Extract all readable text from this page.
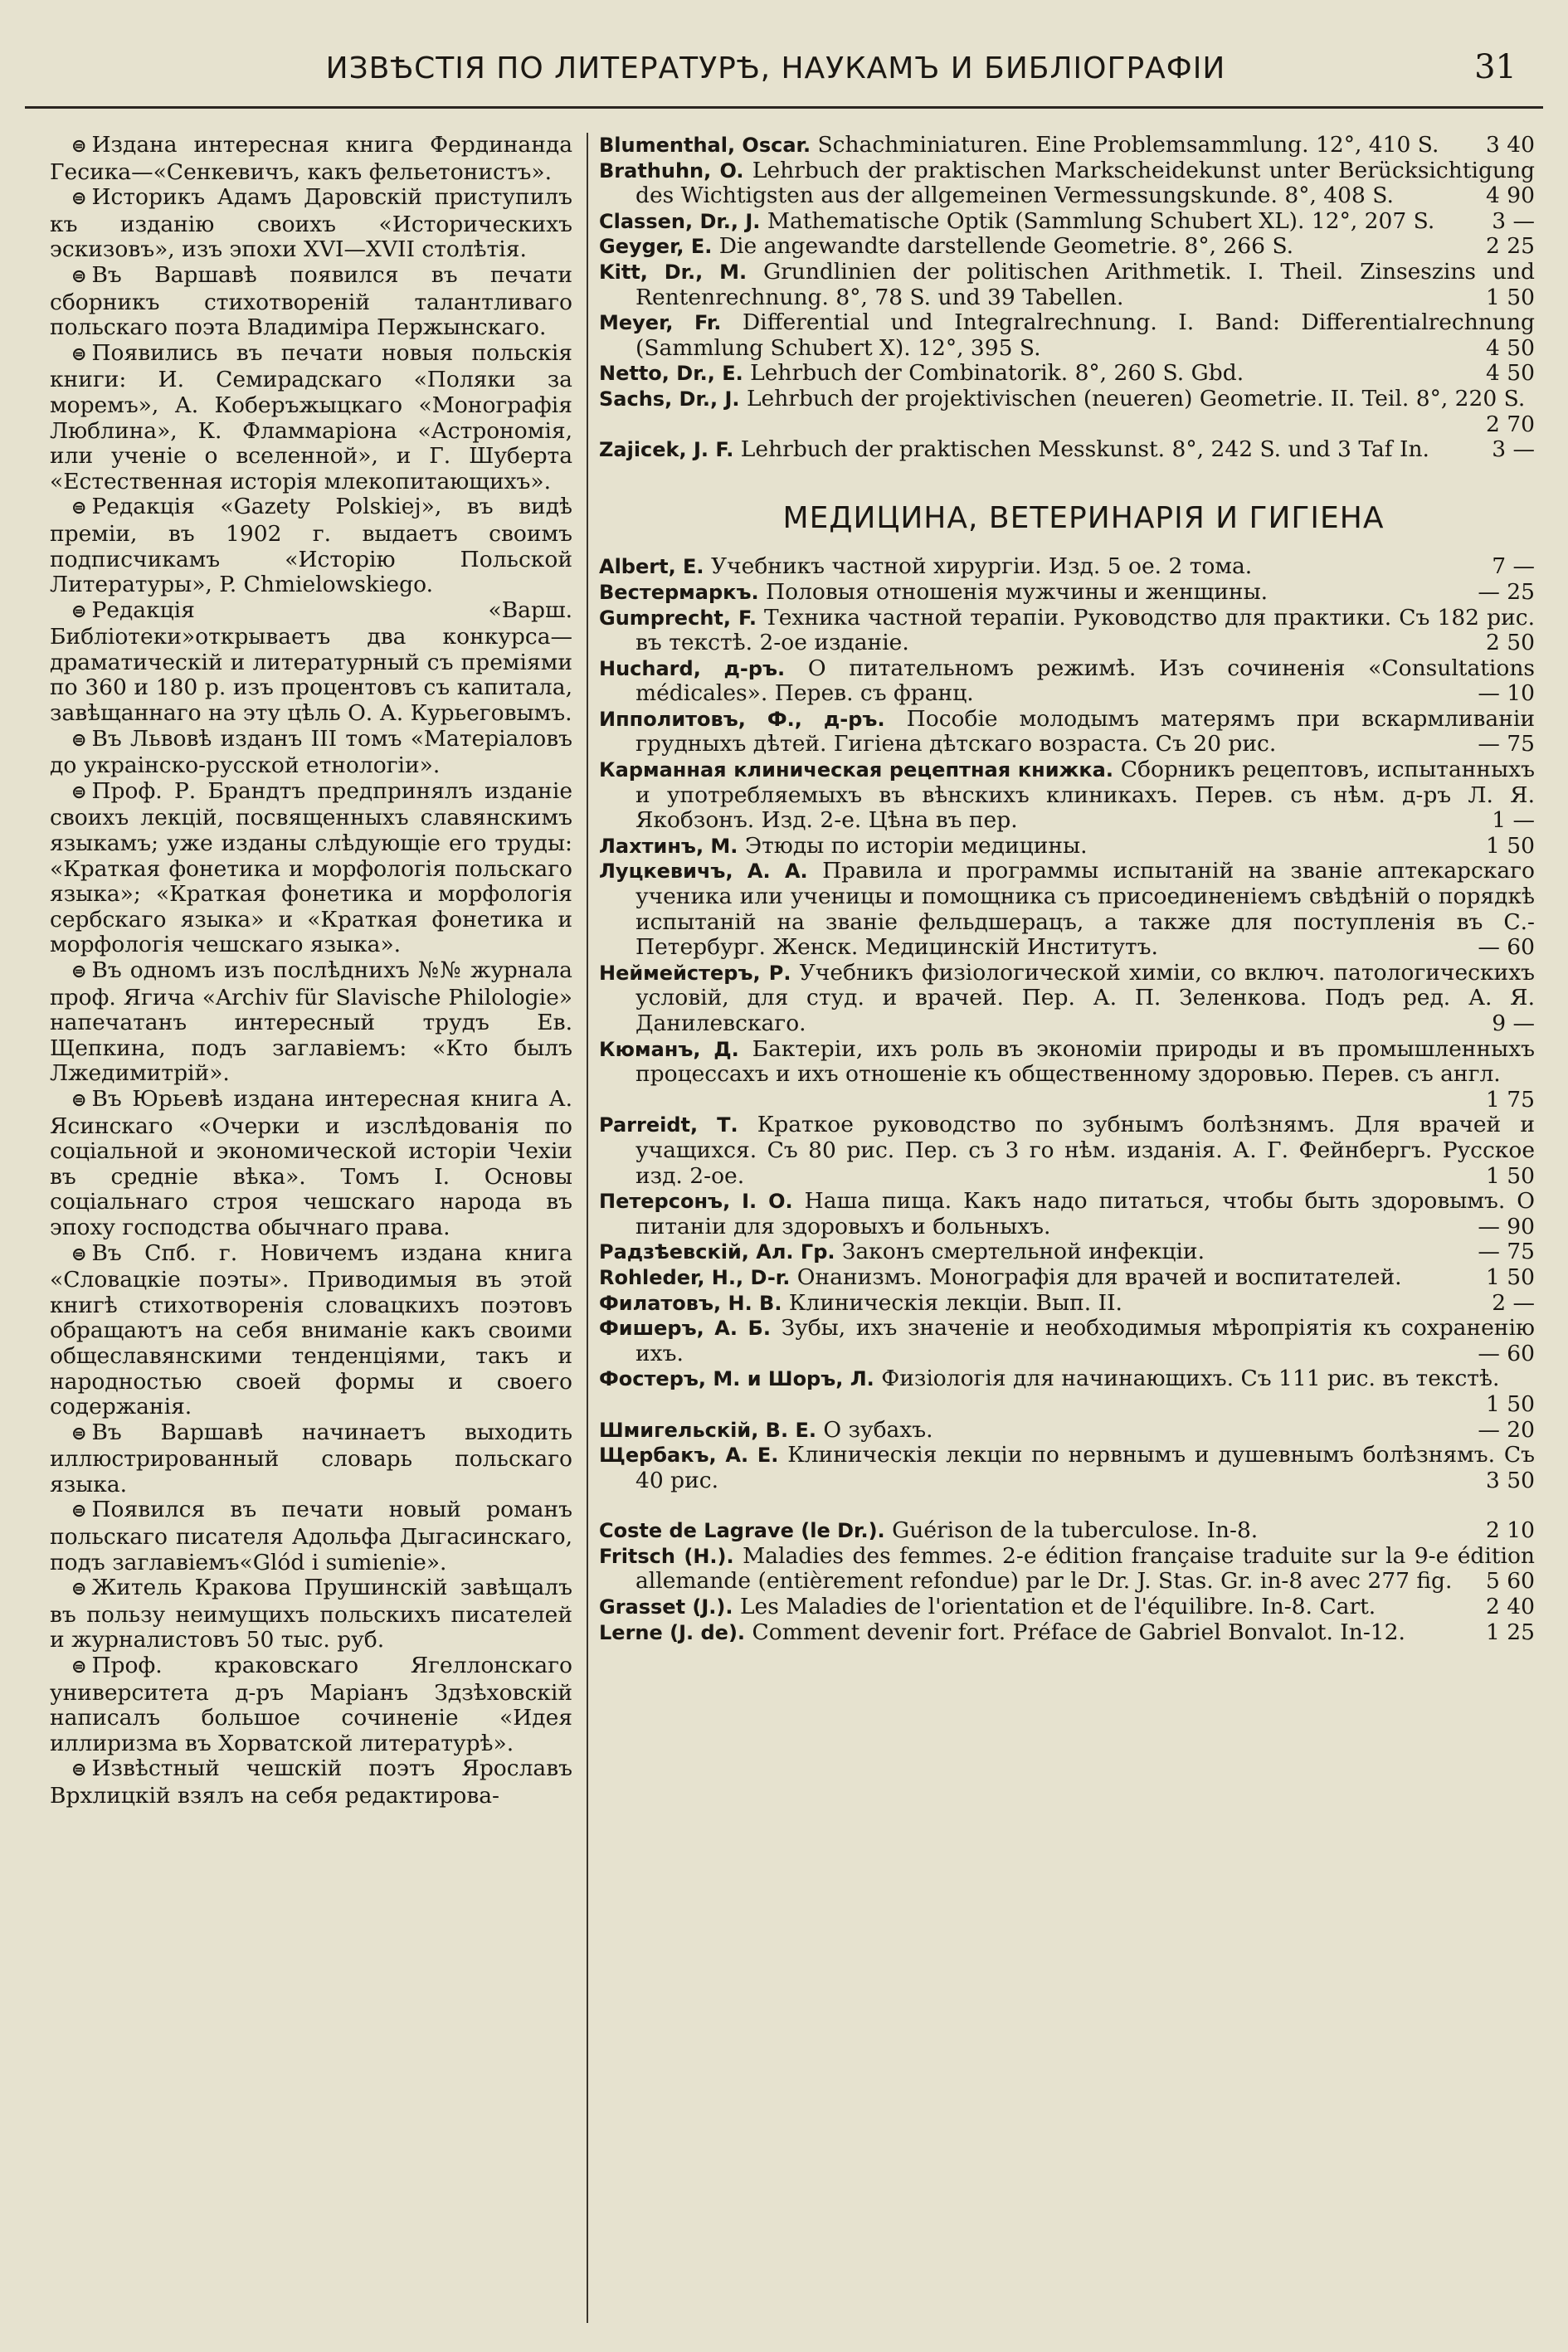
ИЗВѢСТІЯ ПО ЛИТЕРАТУРѢ, НАУКАМЪ И БИБЛІОГРАФІИ	31

⊜ Издана интересная книга Фердинанда Гесика—«Сенкевичъ, какъ фельетонистъ».

⊜ Историкъ Адамъ Даровскій приступилъ къ изданію своихъ «Историческихъ эскизовъ», изъ эпохи XVI—XVII столѣтія.

⊜ Въ Варшавѣ появился въ печати сборникъ стихотвореній талантливаго польскаго поэта Владиміра Пержынскаго.

⊜ Появились въ печати новыя польскія книги: И. Семирадскаго «Поляки за моремъ», А. Коберъжыцкаго «Монографія Люблина», К. Фламмаріона «Астрономія, или ученіе о вселенной», и Г. Шуберта «Естественная исторія млекопитающихъ».

⊜ Редакція «Gazety Polskiej», въ видѣ преміи, въ 1902 г. выдаетъ своимъ подписчикамъ «Исторію Польской Литературы», P. Chmielowskiego.

⊜ Редакція «Варш. Библіотеки»открываетъ два конкурса—драматическій и литературный съ преміями по 360 и 180 р. изъ процентовъ съ капитала, завѣщаннаго на эту цѣль О. А. Курьеговымъ.

⊜ Въ Львовѣ изданъ III томъ «Матеріаловъ до украінско-русской етнологіи».

⊜ Проф. Р. Брандтъ предпринялъ изданіе своихъ лекцій, посвященныхъ славянскимъ языкамъ; уже изданы слѣдующіе его труды: «Краткая фонетика и морфологія польскаго языка»; «Краткая фонетика и морфологія сербскаго языка» и «Краткая фонетика и морфологія чешскаго языка».

⊜ Въ одномъ изъ послѣднихъ №№ журнала проф. Ягича «Archiv für Slavische Philologie» напечатанъ интересный трудъ Ев. Щепкина, подъ заглавіемъ: «Кто былъ Лжедимитрій».

⊜ Въ Юрьевѣ издана интересная книга А. Ясинскаго «Очерки и изслѣдованія по соціальной и экономической исторіи Чехіи въ средніе вѣка». Томъ I. Основы соціальнаго строя чешскаго народа въ эпоху господства обычнаго права.

⊜ Въ Спб. г. Новичемъ издана книга «Словацкіе поэты». Приводимыя въ этой книгѣ стихотворенія словацкихъ поэтовъ обращаютъ на себя вниманіе какъ своими общеславянскими тенденціями, такъ и народностью своей формы и своего содержанія.

⊜ Въ Варшавѣ начинаетъ выходить иллюстрированный словарь польскаго языка.

⊜ Появился въ печати новый романъ польскаго писателя Адольфа Дыгасинскаго, подъ заглавіемъ«Glód i sumienie».

⊜ Житель Кракова Прушинскій завѣщалъ въ пользу неимущихъ польскихъ писателей и журналистовъ 50 тыс. руб.

⊜ Проф. краковскаго Ягеллонскаго университета д-ръ Маріанъ Здзѣховскій написалъ большое сочиненіе «Идея иллиризма въ Хорватской литературѣ».

⊜ Извѣстный чешскій поэтъ Ярославъ Врхлицкій взялъ на себя редактирова-

Blumenthal, Oscar. Schachminiaturen. Eine Problemsammlung. 12°, 410 S. 3 40
Brathuhn, O. Lehrbuch der praktischen Markscheidekunst unter Berücksichtigung des Wichtigsten aus der allgemeinen Vermessungskunde. 8°, 408 S.	4 90
Classen, Dr., J. Mathematische Optik (Sammlung Schubert XL). 12°, 207 S.	3 —
Geyger, E. Die angewandte darstellende Geometrie. 8°, 266 S.	2 25
Kitt, Dr., M. Grundlinien der politischen Arithmetik. I. Theil. Zinseszins und Rentenrechnung. 8°, 78 S. und 39 Tabellen.	1 50
Meyer, Fr. Differential und Integralrechnung. I. Band: Differentialrechnung (Sammlung Schubert X). 12°, 395 S.	4 50
Netto, Dr., E. Lehrbuch der Combinatorik. 8°, 260 S. Gbd.	4 50
Sachs, Dr., J. Lehrbuch der projektivischen (neueren) Geometrie. II. Teil. 8°, 220 S.
2 70
Zajicek, J. F. Lehrbuch der praktischen Messkunst. 8°, 242 S. und 3 Taf In.	3 —
МЕДИЦИНА, ВЕТЕРИНАРІЯ И ГИГІЕНА
Albert, E. Учебникъ частной хирургіи. Изд. 5 ое. 2 тома.	7 —
Вестермаркъ. Половыя отношенія мужчины и женщины.	— 25
Gumprecht, F. Техника частной терапіи. Руководство для практики. Съ 182 рис. въ текстѣ. 2-ое изданіе.	2 50
Huchard, д-ръ. О питательномъ режимѣ. Изъ сочиненія «Consultations médicales». Перев. съ франц.	— 10
Ипполитовъ, Ф., д-ръ. Пособіе молодымъ матерямъ при вскармливаніи грудныхъ дѣтей. Гигіена дѣтскаго возраста. Съ 20 рис.	— 75
Карманная клиническая рецептная книжка. Сборникъ рецептовъ, испытанныхъ и употребляемыхъ въ вѣнскихъ клиникахъ. Перев. съ нѣм. д-ръ Л. Я. Якобзонъ. Изд. 2-е. Цѣна въ пер.	1 —
Лахтинъ, М. Этюды по исторіи медицины.	1 50
Луцкевичъ, А. А. Правила и программы испытаній на званіе аптекарскаго ученика или ученицы и помощника съ присоединеніемъ свѣдѣній о порядкѣ испытаній на званіе фельдшерацъ, а также для поступленія въ С.-Петербург. Женск. Медицинскій Институтъ.	— 60
Неймейстеръ, Р. Учебникъ физіологической химіи, со включ. патологическихъ условій, для студ. и врачей. Пер. А. П. Зеленкова. Подъ ред. А. Я. Данилевскаго.	9 —
Кюманъ, Д. Бактеріи, ихъ роль въ экономіи природы и въ промышленныхъ процессахъ и ихъ отношеніе къ общественному здоровью. Перев. съ англ.
1 75
Parreidt, Т. Краткое руководство по зубнымъ болѣзнямъ. Для врачей и учащихся. Съ 80 рис. Пер. съ 3 го нѣм. изданія. А. Г. Фейнбергъ. Русское изд. 2-ое.	1 50
Петерсонъ, І. О. Наша пища. Какъ надо питаться, чтобы быть здоровымъ. О питаніи для здоровыхъ и больныхъ.	— 90
Радзѣевскій, Ал. Гр. Законъ смертельной инфекціи.	— 75
Rohleder, Н., D-r. Онанизмъ. Монографія для врачей и воспитателей.	1 50
Филатовъ, Н. В. Клиническія лекціи. Вып. II.	2 —
Фишеръ, А. Б. Зубы, ихъ значеніе и необходимыя мѣропріятія къ сохраненію ихъ.	— 60
Фостеръ, М. и Шоръ, Л. Физіологія для начинающихъ. Съ 111 рис. въ текстѣ.
1 50
Шмигельскій, В. Е. О зубахъ.	— 20
Щербакъ, А. Е. Клиническія лекціи по нервнымъ и душевнымъ болѣзнямъ. Съ 40 рис.	3 50
Coste de Lagrave (le Dr.). Guérison de la tuberculose. In-8.	2 10
Fritsch (H.). Maladies des femmes. 2-e édition française traduite sur la 9-e édition allemande (entièrement refondue) par le Dr. J. Stas. Gr. in-8 avec 277 fig. 5 60
Grasset (J.). Les Maladies de l'orientation et de l'équilibre. In-8. Cart.	2 40
Lerne (J. de). Comment devenir fort. Préface de Gabriel Bonvalot. In-12.	1 25
